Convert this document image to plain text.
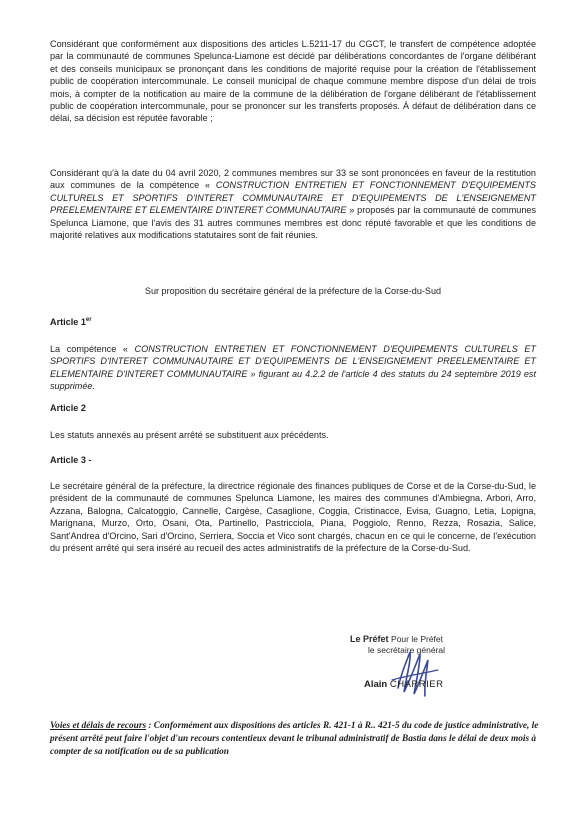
Considérant que conformément aux dispositions des articles L.5211-17 du CGCT, le transfert de compétence adoptée par la communauté de communes Spelunca-Liamone est décidé par délibérations concordantes de l'organe délibérant et des conseils municipaux se prononçant dans les conditions de majorité requise pour la création de l'établissement public de coopération intercommunale. Le conseil municipal de chaque commune membre dispose d'un délai de trois mois, à compter de la notification au maire de la commune de la délibération de l'organe délibérant de l'établissement public de coopération intercommunale, pour se prononcer sur les transferts proposés. À défaut de délibération dans ce délai, sa décision est réputée favorable ;

Considérant qu'à la date du 04 avril 2020, 2 communes membres sur 33 se sont prononcées en faveur de la restitution aux communes de la compétence « CONSTRUCTION ENTRETIEN ET FONCTIONNEMENT D'EQUIPEMENTS CULTURELS ET SPORTIFS D'INTERET COMMUNAUTAIRE ET D'EQUIPEMENTS DE L'ENSEIGNEMENT PREELEMENTAIRE ET ELEMENTAIRE D'INTERET COMMUNAUTAIRE » proposés par la communauté de communes Spelunca Liamone, que l'avis des 31 autres communes membres est donc réputé favorable et que les conditions de majorité relatives aux modifications statutaires sont de fait réunies.

Sur proposition du secrétaire général de la préfecture de la Corse-du-Sud

Article 1er

La compétence « CONSTRUCTION ENTRETIEN ET FONCTIONNEMENT D'EQUIPEMENTS CULTURELS ET SPORTIFS D'INTERET COMMUNAUTAIRE ET D'EQUIPEMENTS DE L'ENSEIGNEMENT PREELEMENTAIRE ET ELEMENTAIRE D'INTERET COMMUNAUTAIRE » figurant au 4.2.2 de l'article 4 des statuts du 24 septembre 2019 est supprimée.

Article 2

Les statuts annexés au présent arrêté se substituent aux précédents.

Article 3 -

Le secrétaire général de la préfecture, la directrice régionale des finances publiques de Corse et de la Corse-du-Sud, le président de la communauté de communes Spelunca Liamone, les maires des communes d'Ambiegna, Arbori, Arro, Azzana, Balogna, Calcatoggio, Cannelle, Cargèse, Casaglione, Coggia, Cristinacce, Evisa, Guagno, Letia, Lopigna, Marignana, Murzo, Orto, Osani, Ota, Partinello, Pastricciola, Piana, Poggiolo, Renno, Rezza, Rosazia, Salice, Sant'Andrea d'Orcino, Sari d'Orcino, Serriera, Soccia et Vico sont chargés, chacun en ce qui le concerne, de l'exécution du présent arrêté qui sera inséré au recueil des actes administratifs de la préfecture de la Corse-du-Sud.

Le Préfet Pour le Préfet
le secrétaire général
Alain CHARRIER

Voies et délais de recours : Conformément aux dispositions des articles R. 421-1 à R.. 421-5 du code de justice administrative, le présent arrêté peut faire l'objet d'un recours contentieux devant le tribunal administratif de Bastia dans le délai de deux mois à compter de sa notification ou de sa publication
